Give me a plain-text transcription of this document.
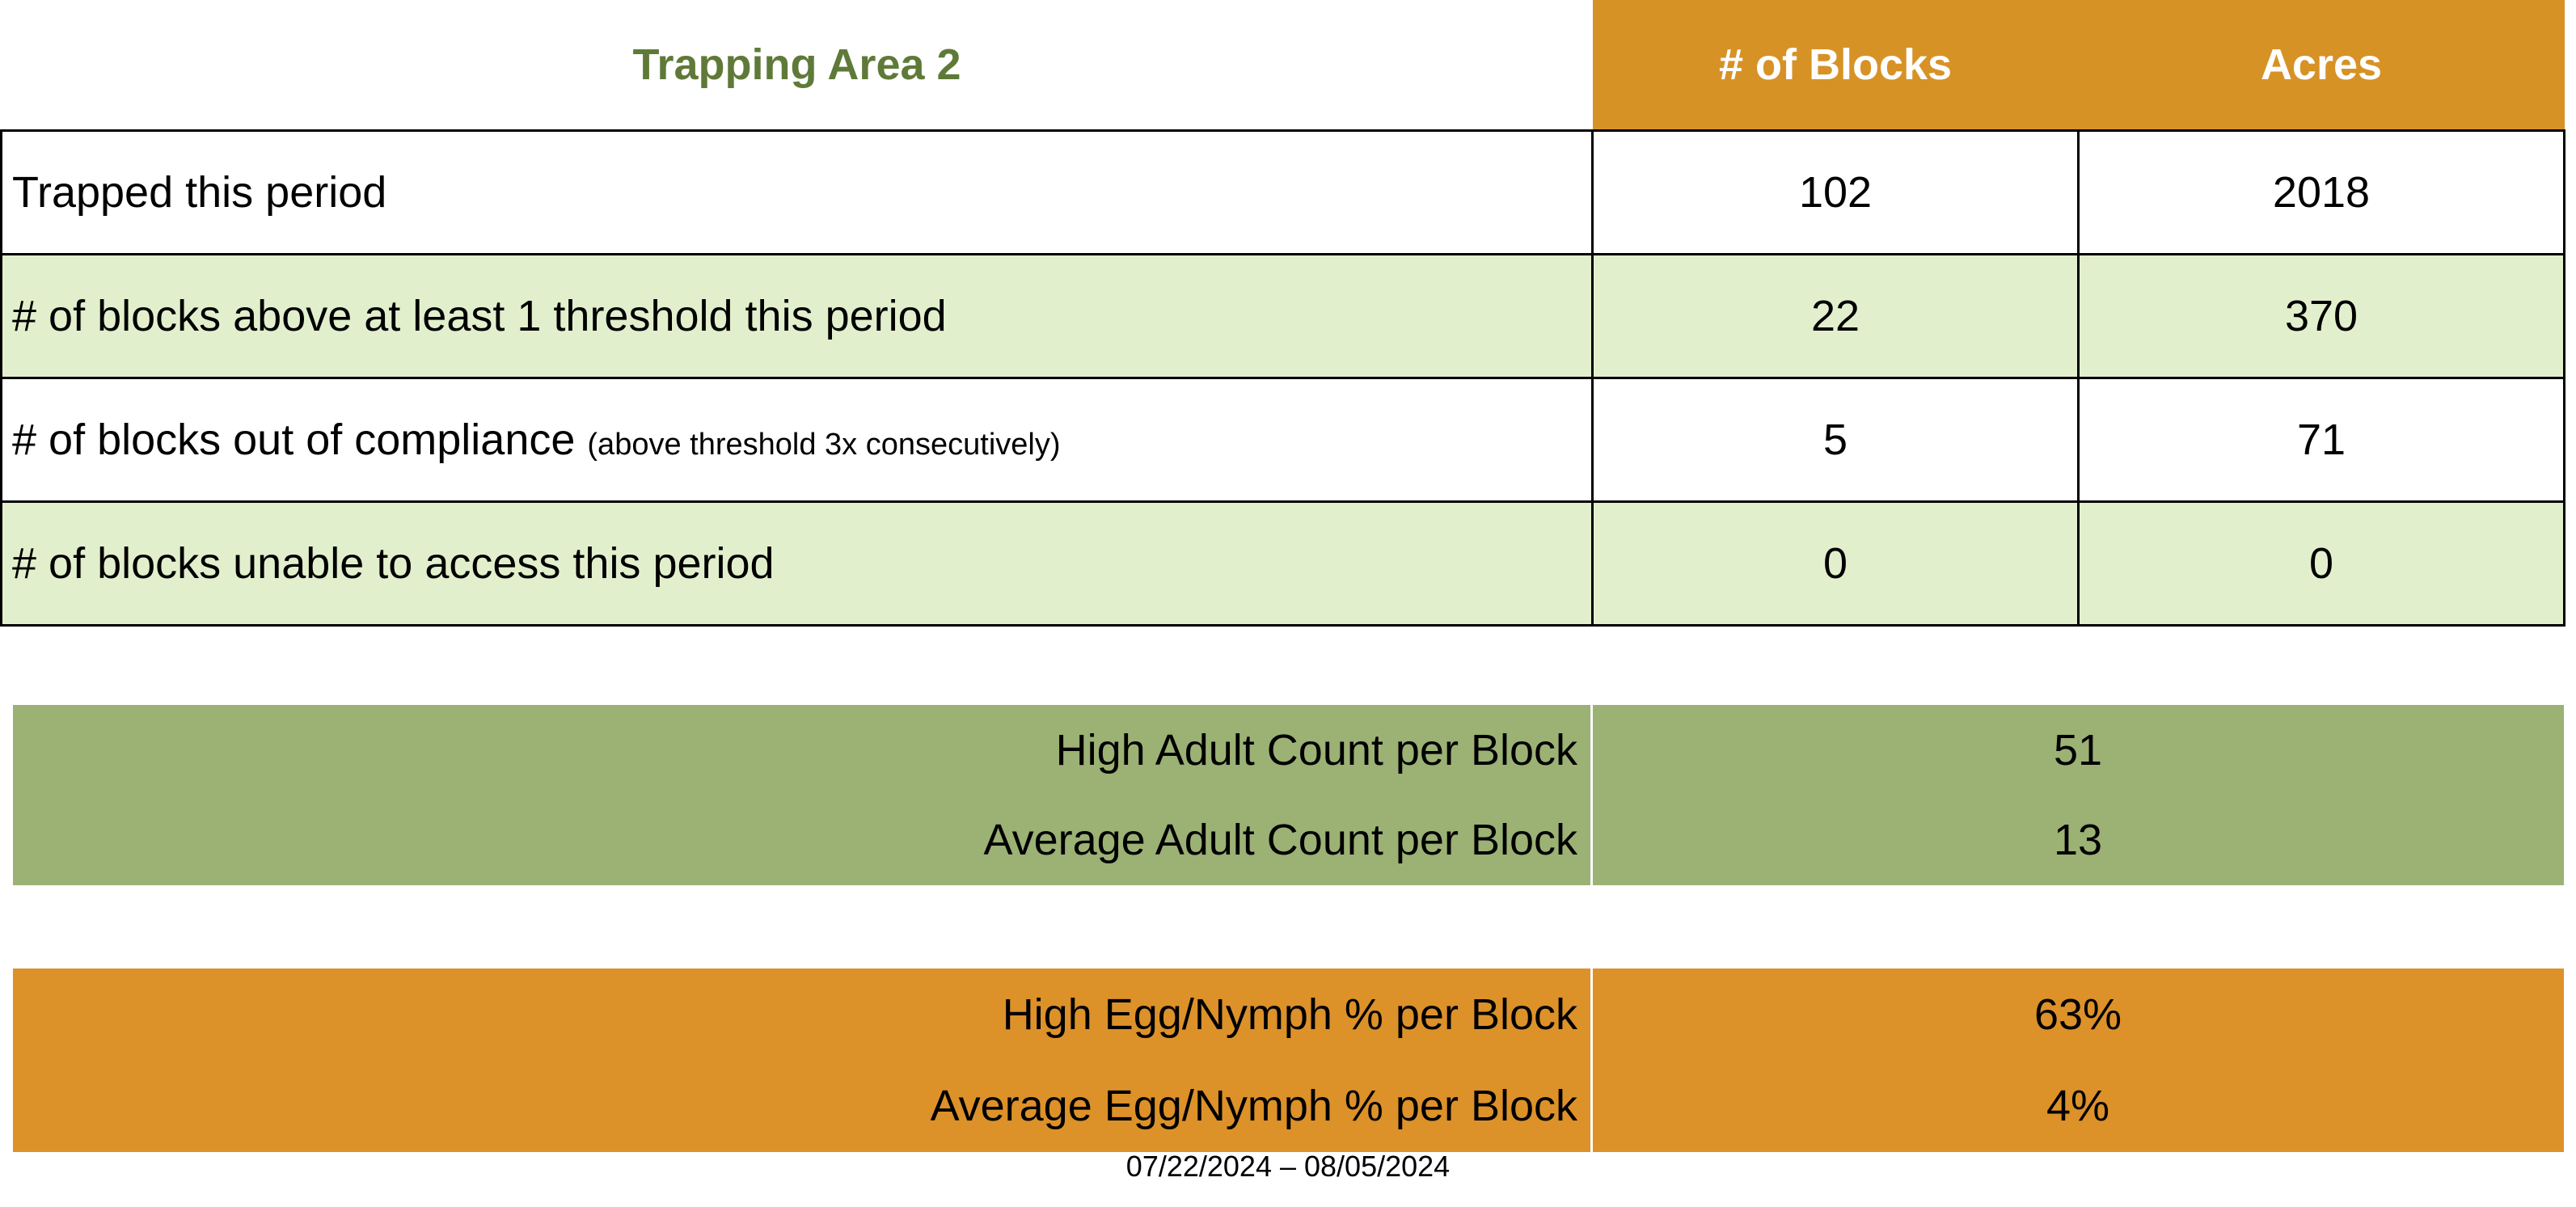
Trapping Area 2	# of Blocks	Acres
Trapped this period	102	2018
# of blocks above at least 1 threshold this period	22	370
# of blocks out of compliance (above threshold 3x consecutively)	5	71
# of blocks unable to access this period	0	0
High Adult Count per Block	51
Average Adult Count per Block	13
High Egg/Nymph % per Block	63%
Average Egg/Nymph % per Block	4%
07/22/2024 – 08/05/2024
